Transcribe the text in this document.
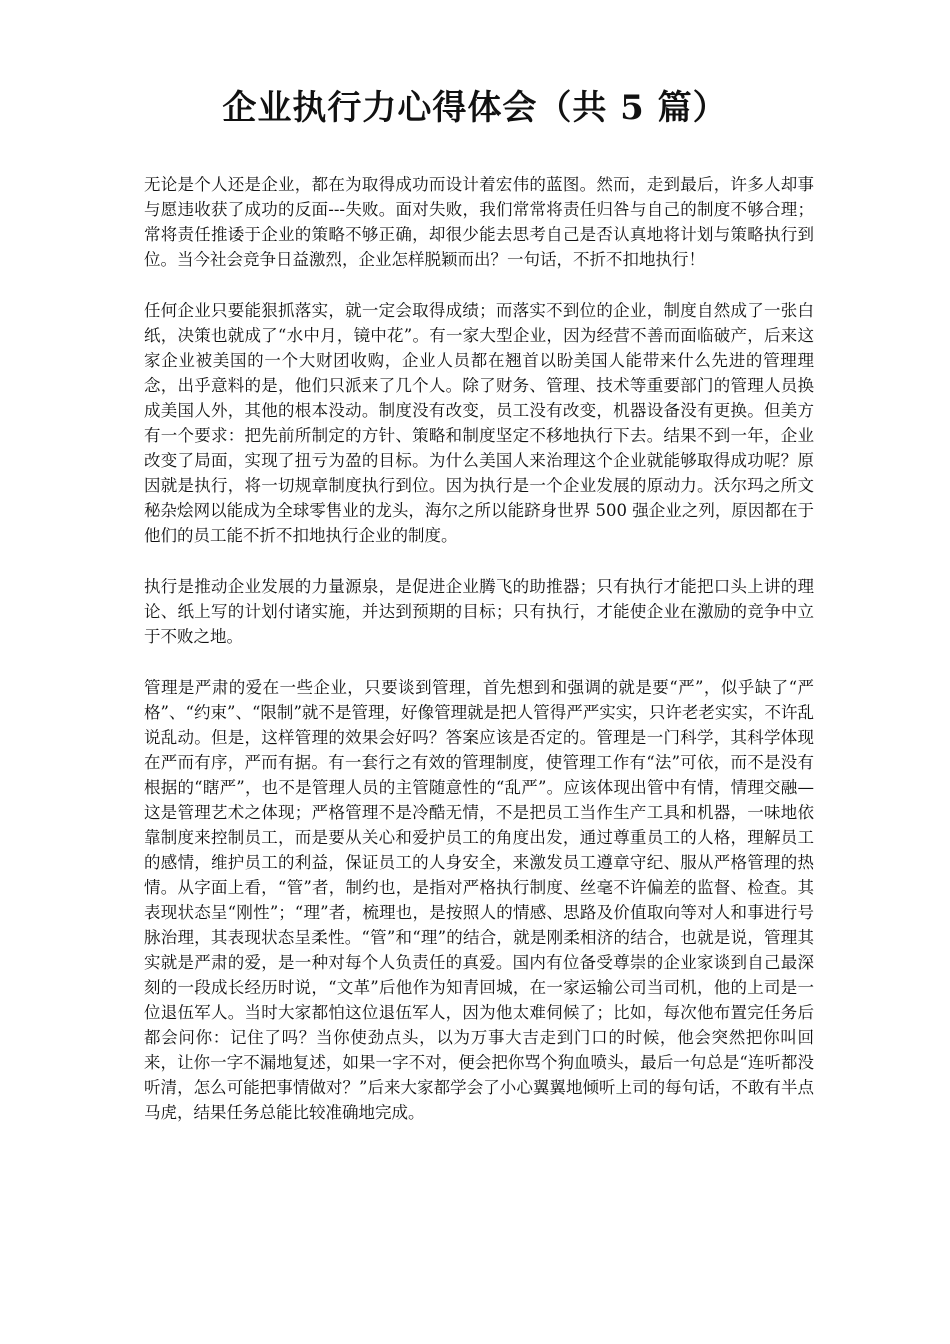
企业执行力心得体会（共 5 篇）

无论是个人还是企业，都在为取得成功而设计着宏伟的蓝图。然而，走到最后，许多人却事与愿违收获了成功的反面---失败。面对失败，我们常常将责任归咎与自己的制度不够合理；常将责任推诿于企业的策略不够正确，却很少能去思考自己是否认真地将计划与策略执行到位。当今社会竞争日益激烈，企业怎样脱颖而出？一句话，不折不扣地执行！

任何企业只要能狠抓落实，就一定会取得成绩；而落实不到位的企业，制度自然成了一张白纸，决策也就成了“水中月，镜中花”。有一家大型企业，因为经营不善而面临破产，后来这家企业被美国的一个大财团收购，企业人员都在翘首以盼美国人能带来什么先进的管理理念，出乎意料的是，他们只派来了几个人。除了财务、管理、技术等重要部门的管理人员换成美国人外，其他的根本没动。制度没有改变，员工没有改变，机器设备没有更换。但美方有一个要求：把先前所制定的方针、策略和制度坚定不移地执行下去。结果不到一年，企业改变了局面，实现了扭亏为盈的目标。为什么美国人来治理这个企业就能够取得成功呢？原因就是执行，将一切规章制度执行到位。因为执行是一个企业发展的原动力。沃尔玛之所文秘杂烩网以能成为全球零售业的龙头，海尔之所以能跻身世界 500 强企业之列，原因都在于他们的员工能不折不扣地执行企业的制度。

执行是推动企业发展的力量源泉，是促进企业腾飞的助推器；只有执行才能把口头上讲的理论、纸上写的计划付诸实施，并达到预期的目标；只有执行，才能使企业在激励的竞争中立于不败之地。

管理是严肃的爱在一些企业，只要谈到管理，首先想到和强调的就是要“严”，似乎缺了“严格”、“约束”、“限制”就不是管理，好像管理就是把人管得严严实实，只许老老实实，不许乱说乱动。但是，这样管理的效果会好吗？答案应该是否定的。管理是一门科学，其科学体现在严而有序，严而有据。有一套行之有效的管理制度，使管理工作有“法”可依，而不是没有根据的“瞎严”，也不是管理人员的主管随意性的“乱严”。应该体现出管中有情，情理交融—这是管理艺术之体现；严格管理不是冷酷无情，不是把员工当作生产工具和机器，一味地依靠制度来控制员工，而是要从关心和爱护员工的角度出发，通过尊重员工的人格，理解员工的感情，维护员工的利益，保证员工的人身安全，来激发员工遵章守纪、服从严格管理的热情。从字面上看，“管”者，制约也，是指对严格执行制度、丝毫不许偏差的监督、检查。其表现状态呈“刚性”；“理”者，梳理也，是按照人的情感、思路及价值取向等对人和事进行号脉治理，其表现状态呈柔性。“管”和“理”的结合，就是刚柔相济的结合，也就是说，管理其实就是严肃的爱，是一种对每个人负责任的真爱。国内有位备受尊崇的企业家谈到自己最深刻的一段成长经历时说，“文革”后他作为知青回城，在一家运输公司当司机，他的上司是一位退伍军人。当时大家都怕这位退伍军人，因为他太难伺候了；比如，每次他布置完任务后都会问你：记住了吗？当你使劲点头，以为万事大吉走到门口的时候，他会突然把你叫回来，让你一字不漏地复述，如果一字不对，便会把你骂个狗血喷头，最后一句总是“连听都没听清，怎么可能把事情做对？”后来大家都学会了小心翼翼地倾听上司的每句话，不敢有半点马虎，结果任务总能比较准确地完成。
